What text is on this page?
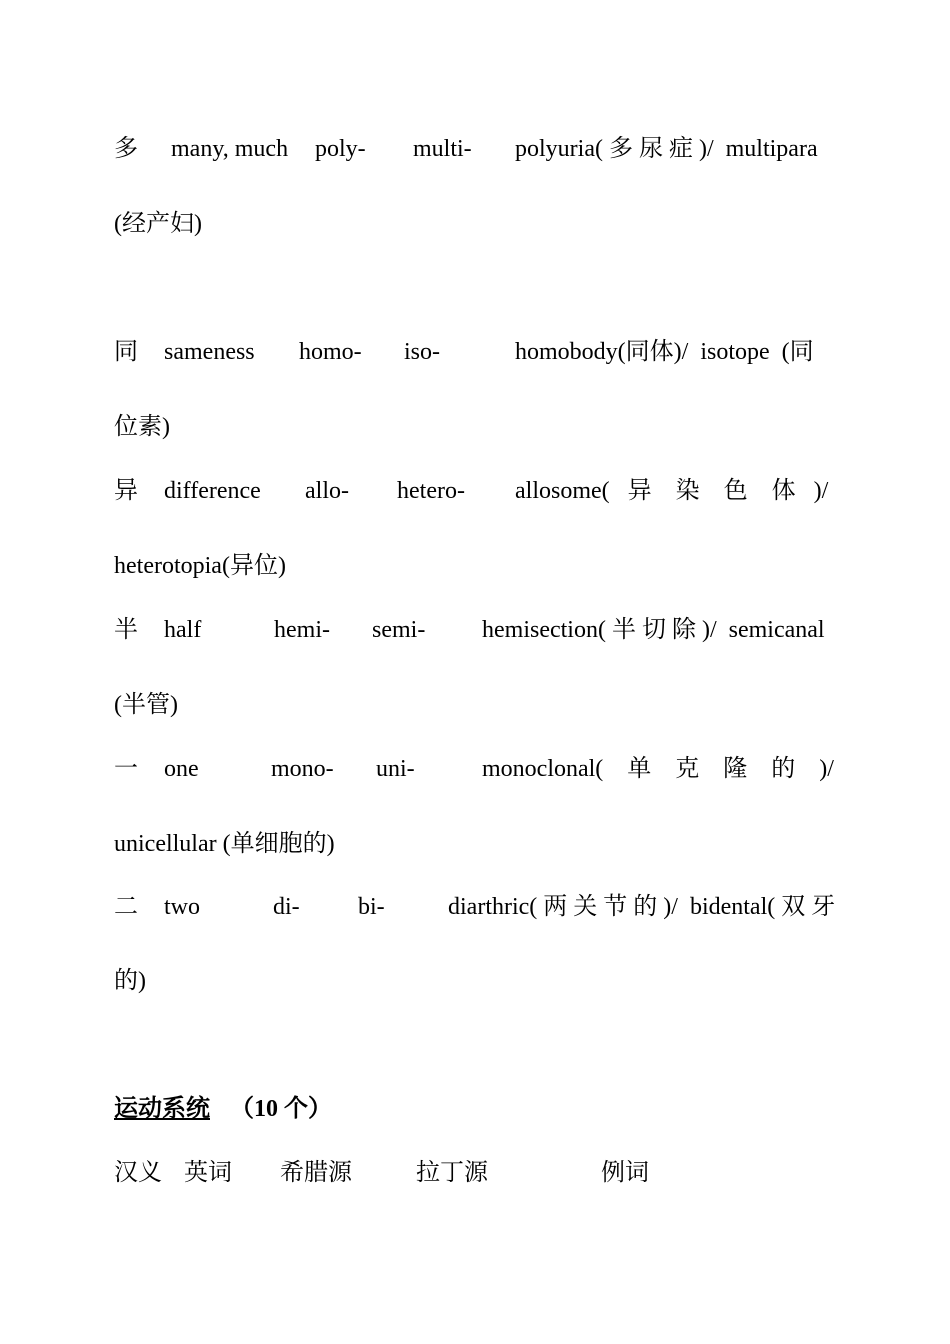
多 many, much poly- multi- polyuria( 多 尿 症 )/  multipara
(经产妇)
同 sameness homo- iso-	homobody(同体)/  isotope  (同
位素)
异 difference allo- hetero- allosome(   异    染    色    体   )/
heterotopia(异位)
半 half	hemi- semi- hemisection( 半 切 除 )/  semicanal
(半管)
一 one	mono- uni-	monoclonal(    单    克    隆    的    )/
unicellular (单细胞的)
二 two	di- bi-	diarthric( 两 关 节 的 )/  bidental( 双 牙
的)
运动系统 （10 个）
汉义 英词 希腊源	拉丁源	例词
